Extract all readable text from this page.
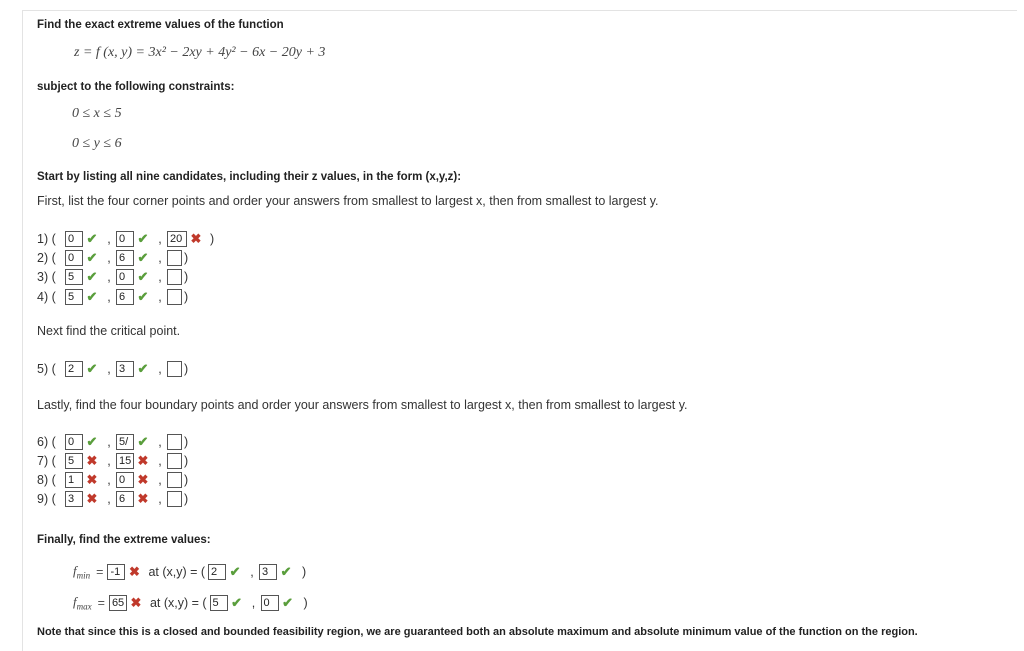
Find the exact extreme values of the function
z = f (x, y) = 3x² − 2xy + 4y² − 6x − 20y + 3
subject to the following constraints:
0 ≤ x ≤ 5
0 ≤ y ≤ 6
Start by listing all nine candidates, including their z values, in the form (x,y,z):
First, list the four corner points and order your answers from smallest to largest x, then from smallest to largest y.
Next find the critical point.
Lastly, find the four boundary points and order your answers from smallest to largest x, then from smallest to largest y.
1) (	0 ✔ , 0 ✔ , 20 ✖ )
2) (	0 ✔ , 6 ✔ ,	)
3) (	5 ✔ , 0 ✔ ,	)
4) (	5 ✔ , 6 ✔ ,	)
5) (	2 ✔ , 3 ✔ ,	)
6) (	0 ✔ , 5/ ✔ ,	)
7) (	5 ✖ , 15 ✖ ,	)
8) (	1 ✖ , 0 ✖ ,	)
9) (	3 ✖ , 6 ✖ ,	)
Finally, find the extreme values:
$f_{min} = -1$ ✖ at (x,y) = ( 2 ✔ , 3 ✔ )
$f_{max} = 65$ ✖ at (x,y) = ( 5 ✔ , 0 ✔ )
Note that since this is a closed and bounded feasibility region, we are guaranteed both an absolute maximum and absolute minimum value of the function on the region.
